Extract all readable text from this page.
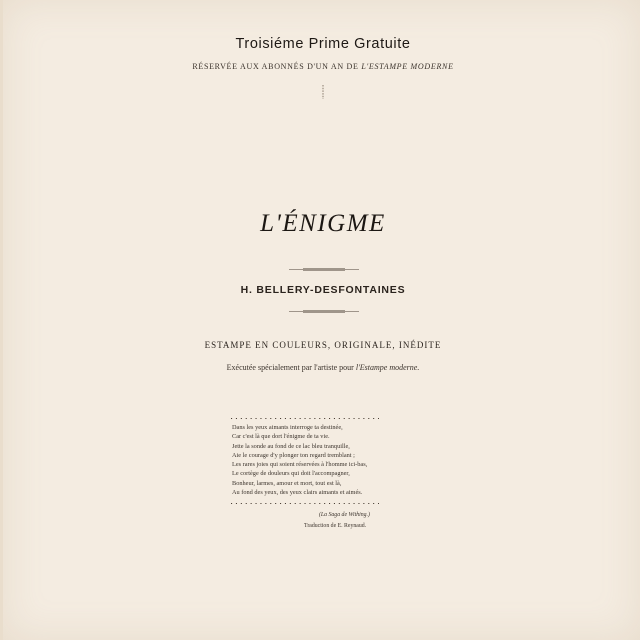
Troisiéme Prime Gratuite
RÉSERVÉE AUX ABONNÉS D'UN AN DE L'ESTAMPE MODERNE
L'ÉNIGME
H. BELLERY-DESFONTAINES
ESTAMPE EN COULEURS, ORIGINALE, INÉDITE
Exécutée spécialement par l'artiste pour l'Estampe moderne.
Dans les yeux aimants interroge ta destinée,
Car c'est là que dort l'énigme de ta vie.
Jette la sonde au fond de ce lac bleu tranquille,
Aie le courage d'y plonger ton regard tremblant ;
Les rares joies qui soient réservées à l'homme ici-bas,
Le cortège de douleurs qui doit l'accompagner,
Bonheur, larmes, amour et mort, tout est là,
Au fond des yeux, des yeux clairs aimants et aimés.
(La Saga de Withing.)
Traduction de E. Reynaud.
